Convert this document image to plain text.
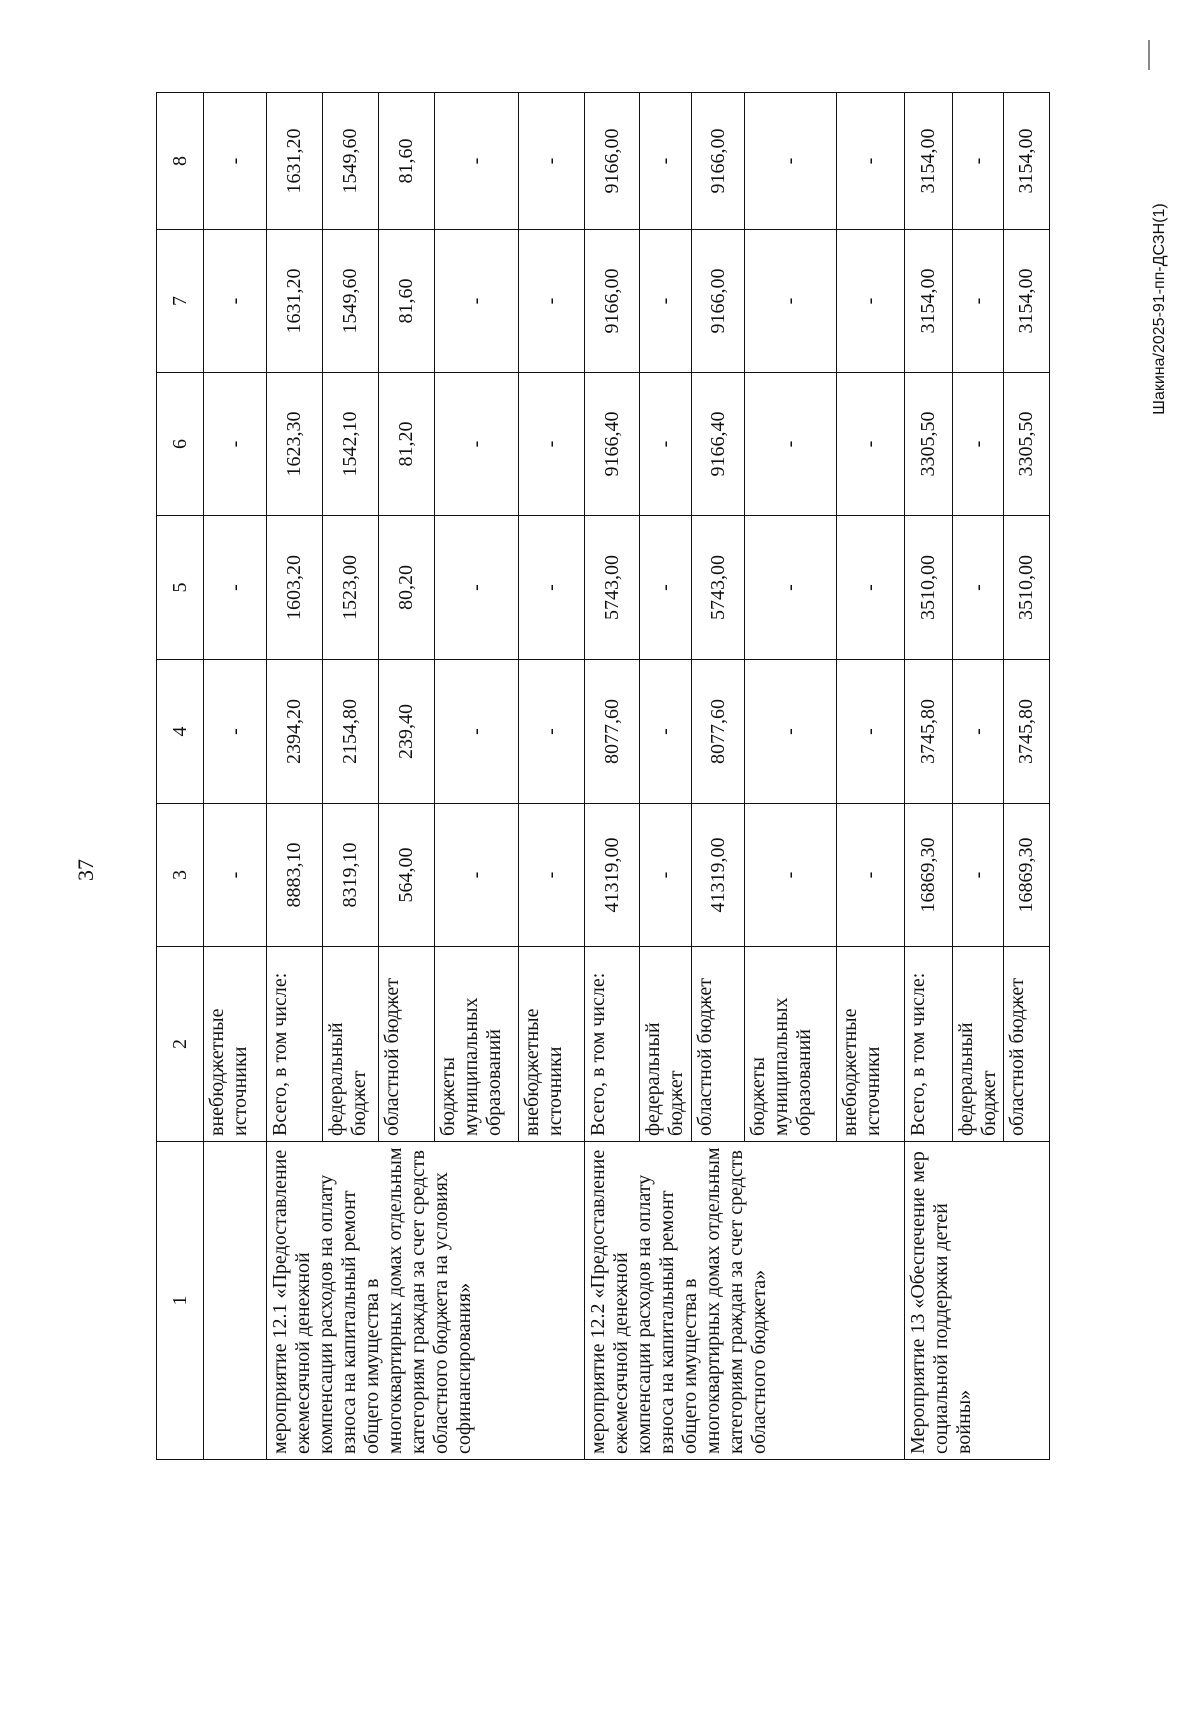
37
Шакина/2025-91-пп-ДСЗН(1)
1	2	3	4	5	6	7	8
	внебюджетные источники	-	-	-	-	-	-
мероприятие 12.1 «Предоставление ежемесячной денежной компенсации расходов на оплату взноса на капитальный ремонт общего имущества в многоквартирных домах отдельным категориям граждан за счет средств областного бюджета на условиях софинансирования»	Всего, в том числе:	8883,10	2394,20	1603,20	1623,30	1631,20	1631,20
	федеральный бюджет	8319,10	2154,80	1523,00	1542,10	1549,60	1549,60
	областной бюджет	564,00	239,40	80,20	81,20	81,60	81,60
	бюджеты муниципальных образований	-	-	-	-	-	-
	внебюджетные источники	-	-	-	-	-	-
мероприятие 12.2 «Предоставление ежемесячной денежной компенсации расходов на оплату взноса на капитальный ремонт общего имущества в многоквартирных домах отдельным категориям граждан за счет средств областного бюджета»	Всего, в том числе:	41319,00	8077,60	5743,00	9166,40	9166,00	9166,00
	федеральный бюджет	-	-	-	-	-	-
	областной бюджет	41319,00	8077,60	5743,00	9166,40	9166,00	9166,00
	бюджеты муниципальных образований	-	-	-	-	-	-
	внебюджетные источники	-	-	-	-	-	-
Мероприятие 13 «Обеспечение мер социальной поддержки детей войны»	Всего, в том числе:	16869,30	3745,80	3510,00	3305,50	3154,00	3154,00
	федеральный бюджет	-	-	-	-	-	-
	областной бюджет	16869,30	3745,80	3510,00	3305,50	3154,00	3154,00
